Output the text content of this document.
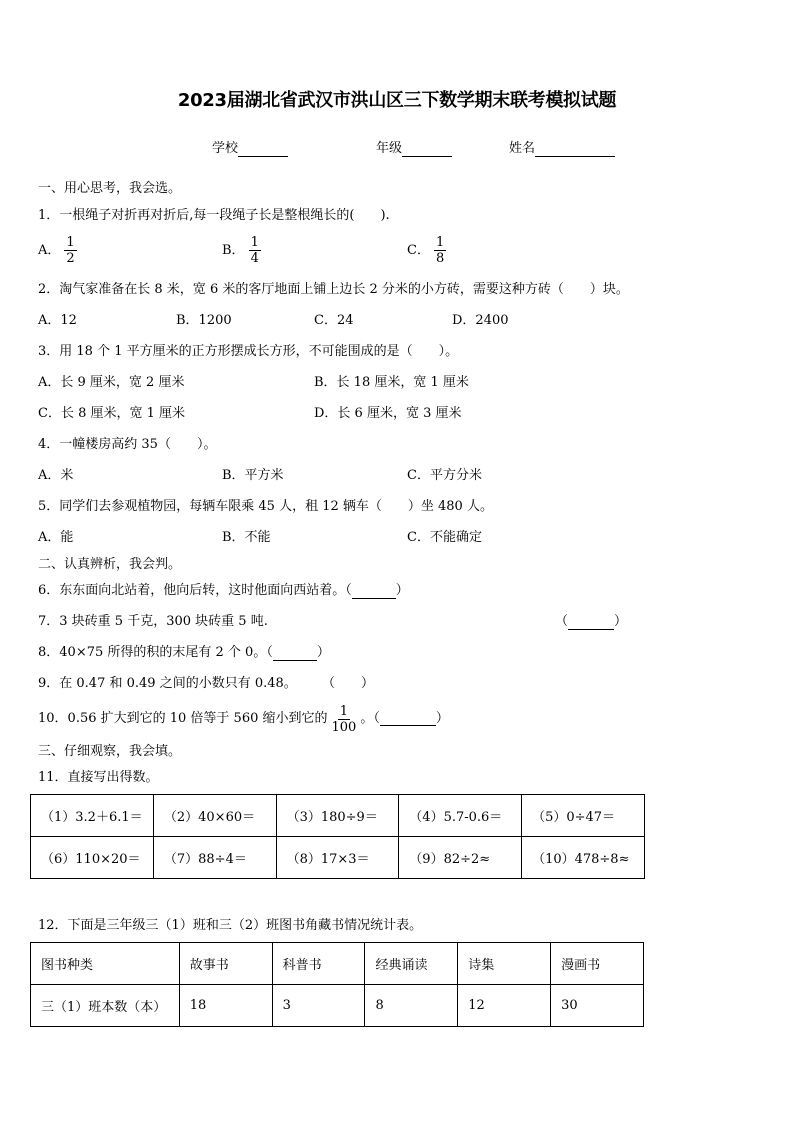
2023届湖北省武汉市洪山区三下数学期末联考模拟试题
学校	年级	姓名
一、用心思考，我会选。
1．一根绳子对折再对折后,每一段绳子长是整根绳长的(　　).
A． $\frac{1}{2}$	B． $\frac{1}{4}$	C． $\frac{1}{8}$
2．淘气家准备在长 8 米，宽 6 米的客厅地面上铺上边长 2 分米的小方砖，需要这种方砖（　　）块。
A．12	B．1200	C．24	D．2400
3．用 18 个 1 平方厘米的正方形摆成长方形，不可能围成的是（　　）。
A．长 9 厘米，宽 2 厘米	B．长 18 厘米，宽 1 厘米
C．长 8 厘米，宽 1 厘米	D．长 6 厘米，宽 3 厘米
4．一幢楼房高约 35（　　）。
A．米	B．平方米	C．平方分米
5．同学们去参观植物园，每辆车限乘 45 人，租 12 辆车（　　）坐 480 人。
A．能	B．不能	C．不能确定
二、认真辨析，我会判。
6．东东面向北站着，他向后转，这时他面向西站着。（	）
7．3 块砖重 5 千克，300 块砖重 5 吨.	（	）
8．40×75 所得的积的末尾有 2 个 0。（	）
9．在 0.47 和 0.49 之间的小数只有 0.48。 （　　）
10．0.56 扩大到它的 10 倍等于 560 缩小到它的 $\frac{1}{100}$ 。（	）
三、仔细观察，我会填。
11．直接写出得数。
（1）3.2＋6.1＝	（2）40×60＝	（3）180÷9＝	（4）5.7-0.6＝	（5）0÷47＝
（6）110×20＝	（7）88÷4＝	（8）17×3＝	（9）82÷2≈	（10）478÷8≈
12．下面是三年级三（1）班和三（2）班图书角藏书情况统计表。
图书种类	故事书	科普书	经典诵读	诗集	漫画书
三（1）班本数（本）	18	3	8	12	30
